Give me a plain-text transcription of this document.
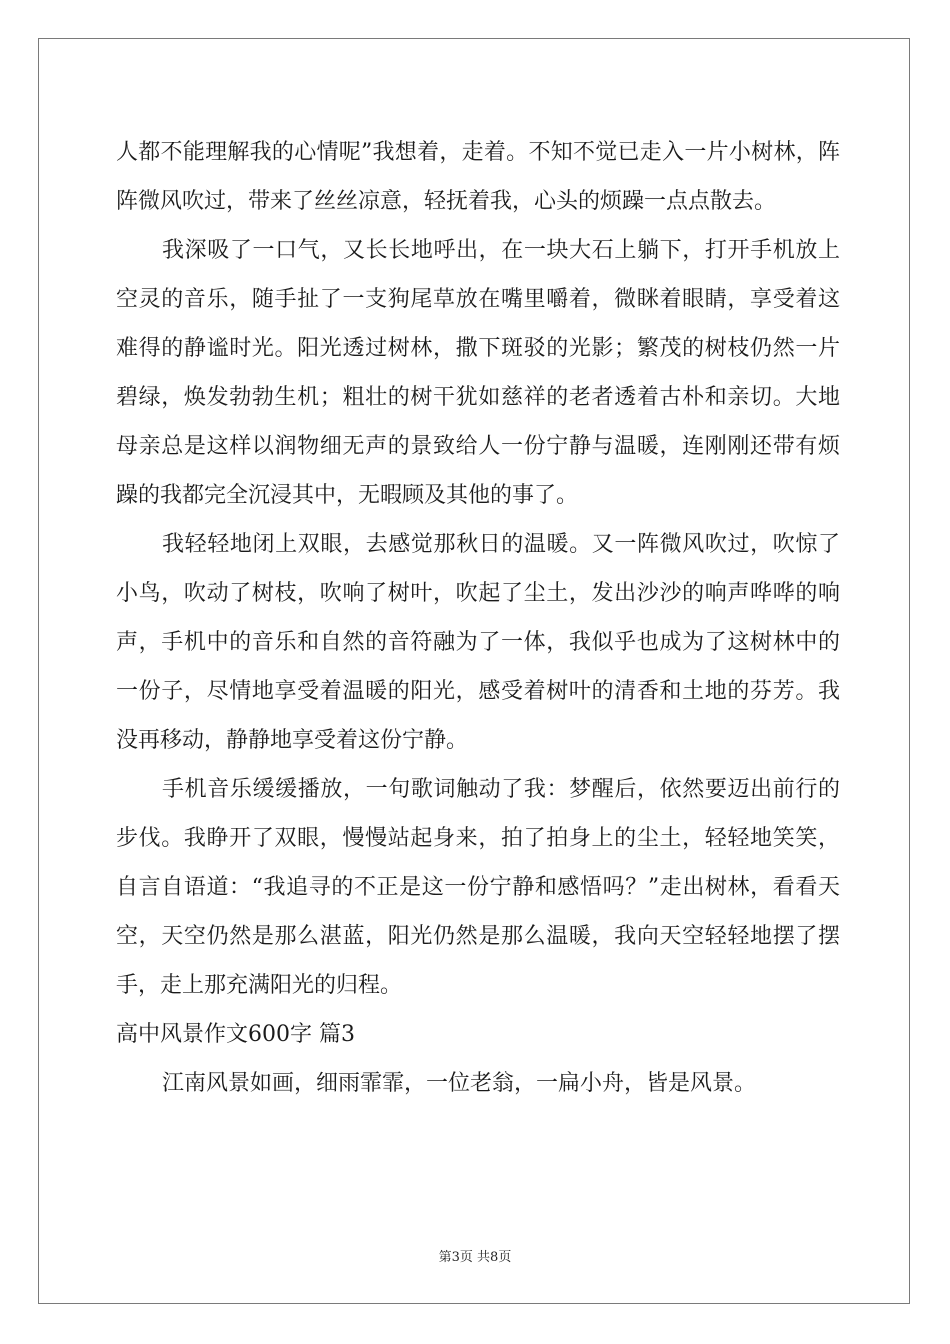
人都不能理解我的心情呢”我想着，走着。不知不觉已走入一片小树林，阵阵微风吹过，带来了丝丝凉意，轻抚着我，心头的烦躁一点点散去。

我深吸了一口气，又长长地呼出，在一块大石上躺下，打开手机放上空灵的音乐，随手扯了一支狗尾草放在嘴里嚼着，微眯着眼睛，享受着这难得的静谧时光。阳光透过树林，撒下斑驳的光影；繁茂的树枝仍然一片碧绿，焕发勃勃生机；粗壮的树干犹如慈祥的老者透着古朴和亲切。大地母亲总是这样以润物细无声的景致给人一份宁静与温暖，连刚刚还带有烦躁的我都完全沉浸其中，无暇顾及其他的事了。

我轻轻地闭上双眼，去感觉那秋日的温暖。又一阵微风吹过，吹惊了小鸟，吹动了树枝，吹响了树叶，吹起了尘土，发出沙沙的响声哗哗的响声，手机中的音乐和自然的音符融为了一体，我似乎也成为了这树林中的一份子，尽情地享受着温暖的阳光，感受着树叶的清香和土地的芬芳。我没再移动，静静地享受着这份宁静。

手机音乐缓缓播放，一句歌词触动了我：梦醒后，依然要迈出前行的步伐。我睁开了双眼，慢慢站起身来，拍了拍身上的尘土，轻轻地笑笑，自言自语道：“我追寻的不正是这一份宁静和感悟吗？”走出树林，看看天空，天空仍然是那么湛蓝，阳光仍然是那么温暖，我向天空轻轻地摆了摆手，走上那充满阳光的归程。

高中风景作文600字 篇3

江南风景如画，细雨霏霏，一位老翁，一扁小舟，皆是风景。

第3页 共8页
